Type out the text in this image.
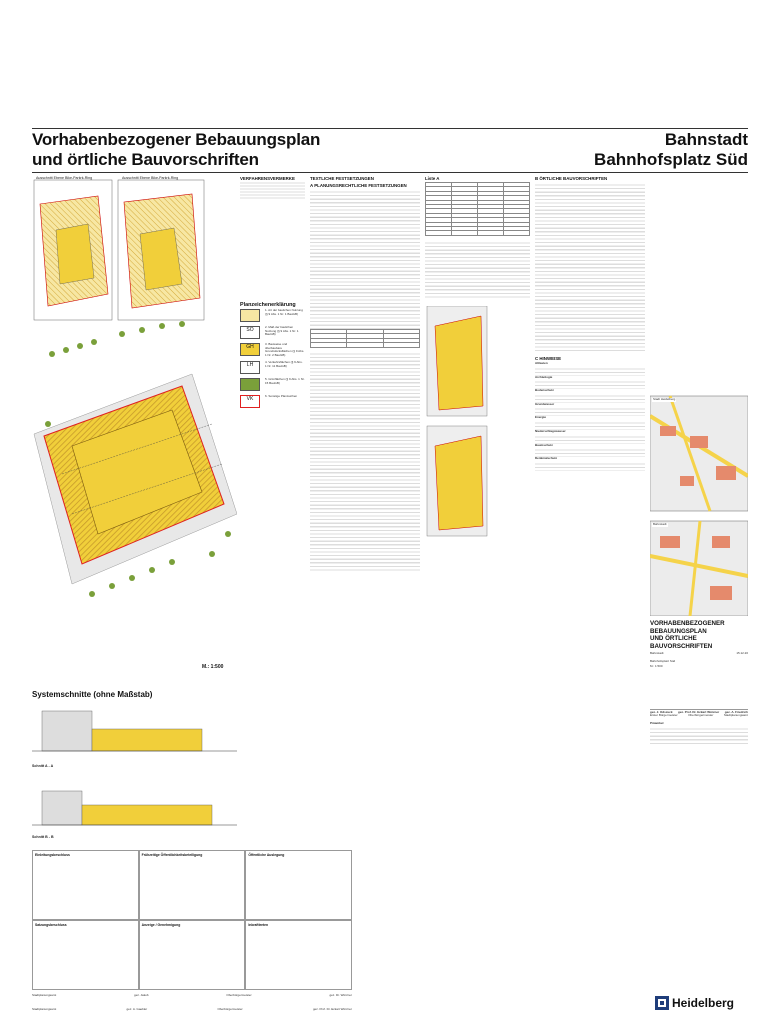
Vorhabenbezogener Bebauungsplan
und örtliche Bauvorschriften
Bahnstadt
Bahnhofsplatz Süd
Ausschnitt Ebene Bike-Parkrk-Ring	Ausschnitt Ebene Bike-Parkrk-Ring
M.: 1:500
Systemschnitte (ohne Maßstab)
Schnitt A - A
Schnitt B - B
VERFAHRENSVERMERKE
Planzeichenerklärung
1. Art der baulichen Nutzung (§ 9 Abs. 1 Nr. 1 BauGB)
SO	2. Maß der baulichen Nutzung (§ 9 Abs. 1 Nr. 1 BauGB)
GH	3. Bauweise und überbaubare Grundstücksflächen (§ 9 Abs. 1 Nr. 2 BauGB)
LH	4. Verkehrsflächen (§ 9 Abs. 1 Nr. 11 BauGB)
5. Grünflächen (§ 9 Abs. 1 Nr. 15 BauGB)
VK	6. Sonstige Planzeichen
TEXTLICHE FESTSETZUNGEN
A PLANUNGSRECHTLICHE FESTSETZUNGEN

Liste A

				B ÖRTLICHE BAUVORSCHRIFTEN
C HINWEISE
Altlasten
Archäologie
Bodenschutz
Grundwasser
Energie
Niederschlagswasser
Baumschutz
Denkmalschutz
Stadt Heidelberg
Bahnstadt
VORHABENBEZOGENER BEBAUUNGSPLAN
UND ÖRTLICHE BAUVORSCHRIFTEN
Bahnstadt	15.12.20
Bahnhofsplatz Süd
M.: 1:500
gez. J. Odszuck gez. Prof. Dr. Eckart Würzner gez. A. Friedrich
Erster Bürgermeister	Oberbürgermeister	Stadtplanungsamt
Präambel
Einleitungsbeschluss	Frühzeitige Öffentlichkeitsbeteiligung	Öffentliche Auslegung
Satzungsbeschluss	Anzeige / Genehmigung	Inkrafttreten
Stadtplanungsamt	gez. Jakob	Oberbürgermeister	gez. Dr. Würzner
Stadtplanungsamt	gez. A. Gaebler	Oberbürgermeister	gez. Prof. Dr. Eckart Würzner	Heidelberg
